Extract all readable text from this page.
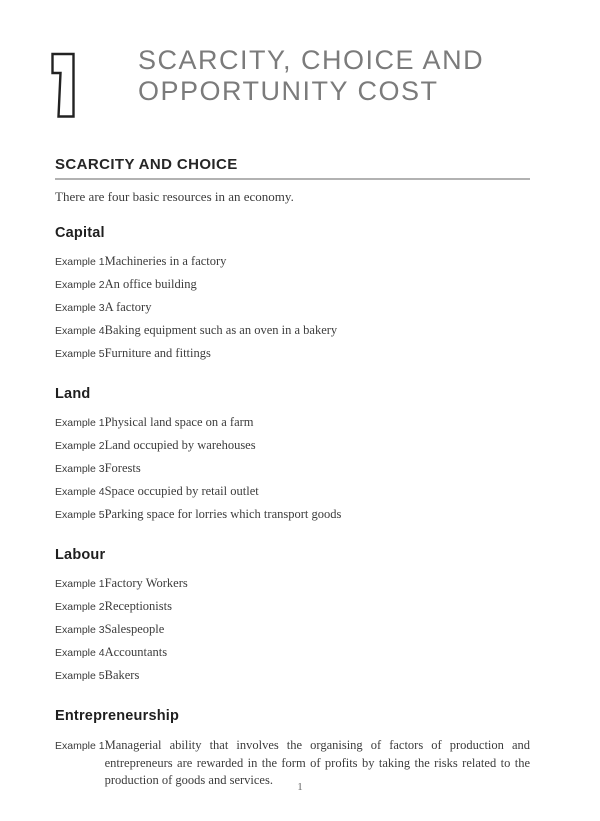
SCARCITY, CHOICE AND
OPPORTUNITY COST
SCARCITY AND CHOICE

There are four basic resources in an economy.

Capital
Example 1 Machineries in a factory
Example 2 An office building
Example 3 A factory
Example 4 Baking equipment such as an oven in a bakery
Example 5 Furniture and fittings
Land
Example 1 Physical land space on a farm
Example 2 Land occupied by warehouses
Example 3 Forests
Example 4 Space occupied by retail outlet
Example 5 Parking space for lorries which transport goods
Labour
Example 1 Factory Workers
Example 2 Receptionists
Example 3 Salespeople
Example 4 Accountants
Example 5 Bakers
Entrepreneurship
Example 1 Managerial ability that involves the organising of factors of production and entrepreneurs are rewarded in the form of profits by taking the risks related to the production of goods and services.	1
